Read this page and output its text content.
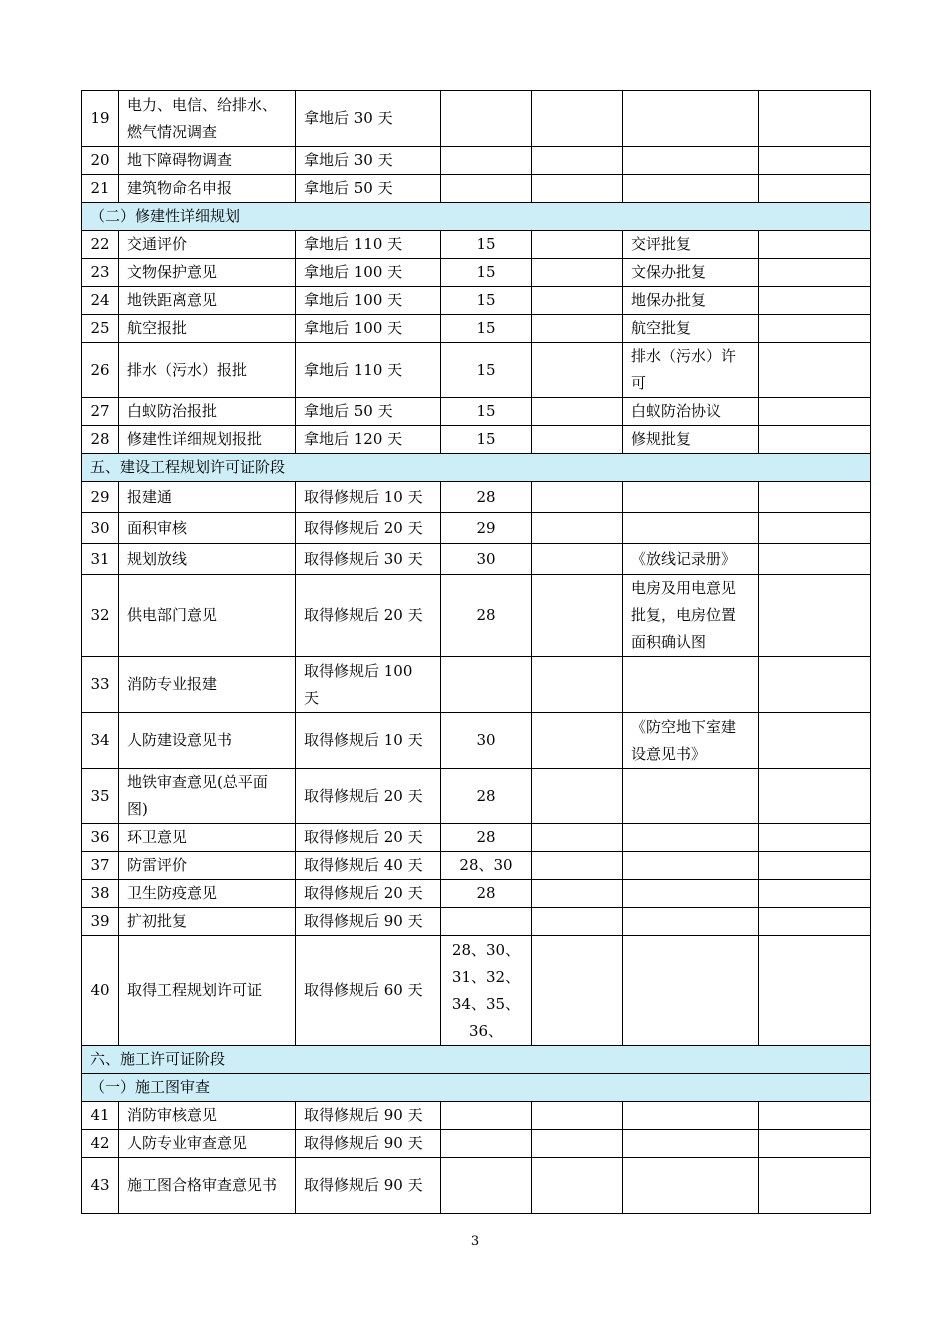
19	电力、电信、给排水、燃气情况调查	拿地后 30 天				
20	地下障碍物调查	拿地后 30 天				
21	建筑物命名申报	拿地后 50 天				
（二）修建性详细规划						
22	交通评价	拿地后 110 天	15		交评批复	
23	文物保护意见	拿地后 100 天	15		文保办批复	
24	地铁距离意见	拿地后 100 天	15		地保办批复	
25	航空报批	拿地后 100 天	15		航空批复	
26	排水（污水）报批	拿地后 110 天	15		排水（污水）许可	
27	白蚁防治报批	拿地后 50 天	15		白蚁防治协议	
28	修建性详细规划报批	拿地后 120 天	15		修规批复	
五、建设工程规划许可证阶段						
29	报建通	取得修规后 10 天	28			
30	面积审核	取得修规后 20 天	29			
31	规划放线	取得修规后 30 天	30		《放线记录册》	
32	供电部门意见	取得修规后 20 天	28		电房及用电意见批复，电房位置面积确认图	
33	消防专业报建	取得修规后 100 天				
34	人防建设意见书	取得修规后 10 天	30		《防空地下室建设意见书》	
35	地铁审查意见(总平面图)	取得修规后 20 天	28			
36	环卫意见	取得修规后 20 天	28			
37	防雷评价	取得修规后 40 天	28、30			
38	卫生防疫意见	取得修规后 20 天	28			
39	扩初批复	取得修规后 90 天				
40	取得工程规划许可证	取得修规后 60 天	28、30、31、32、34、35、36、			
六、施工许可证阶段						
（一）施工图审查						
41	消防审核意见	取得修规后 90 天				
42	人防专业审查意见	取得修规后 90 天				
43	施工图合格审查意见书	取得修规后 90 天				
3
